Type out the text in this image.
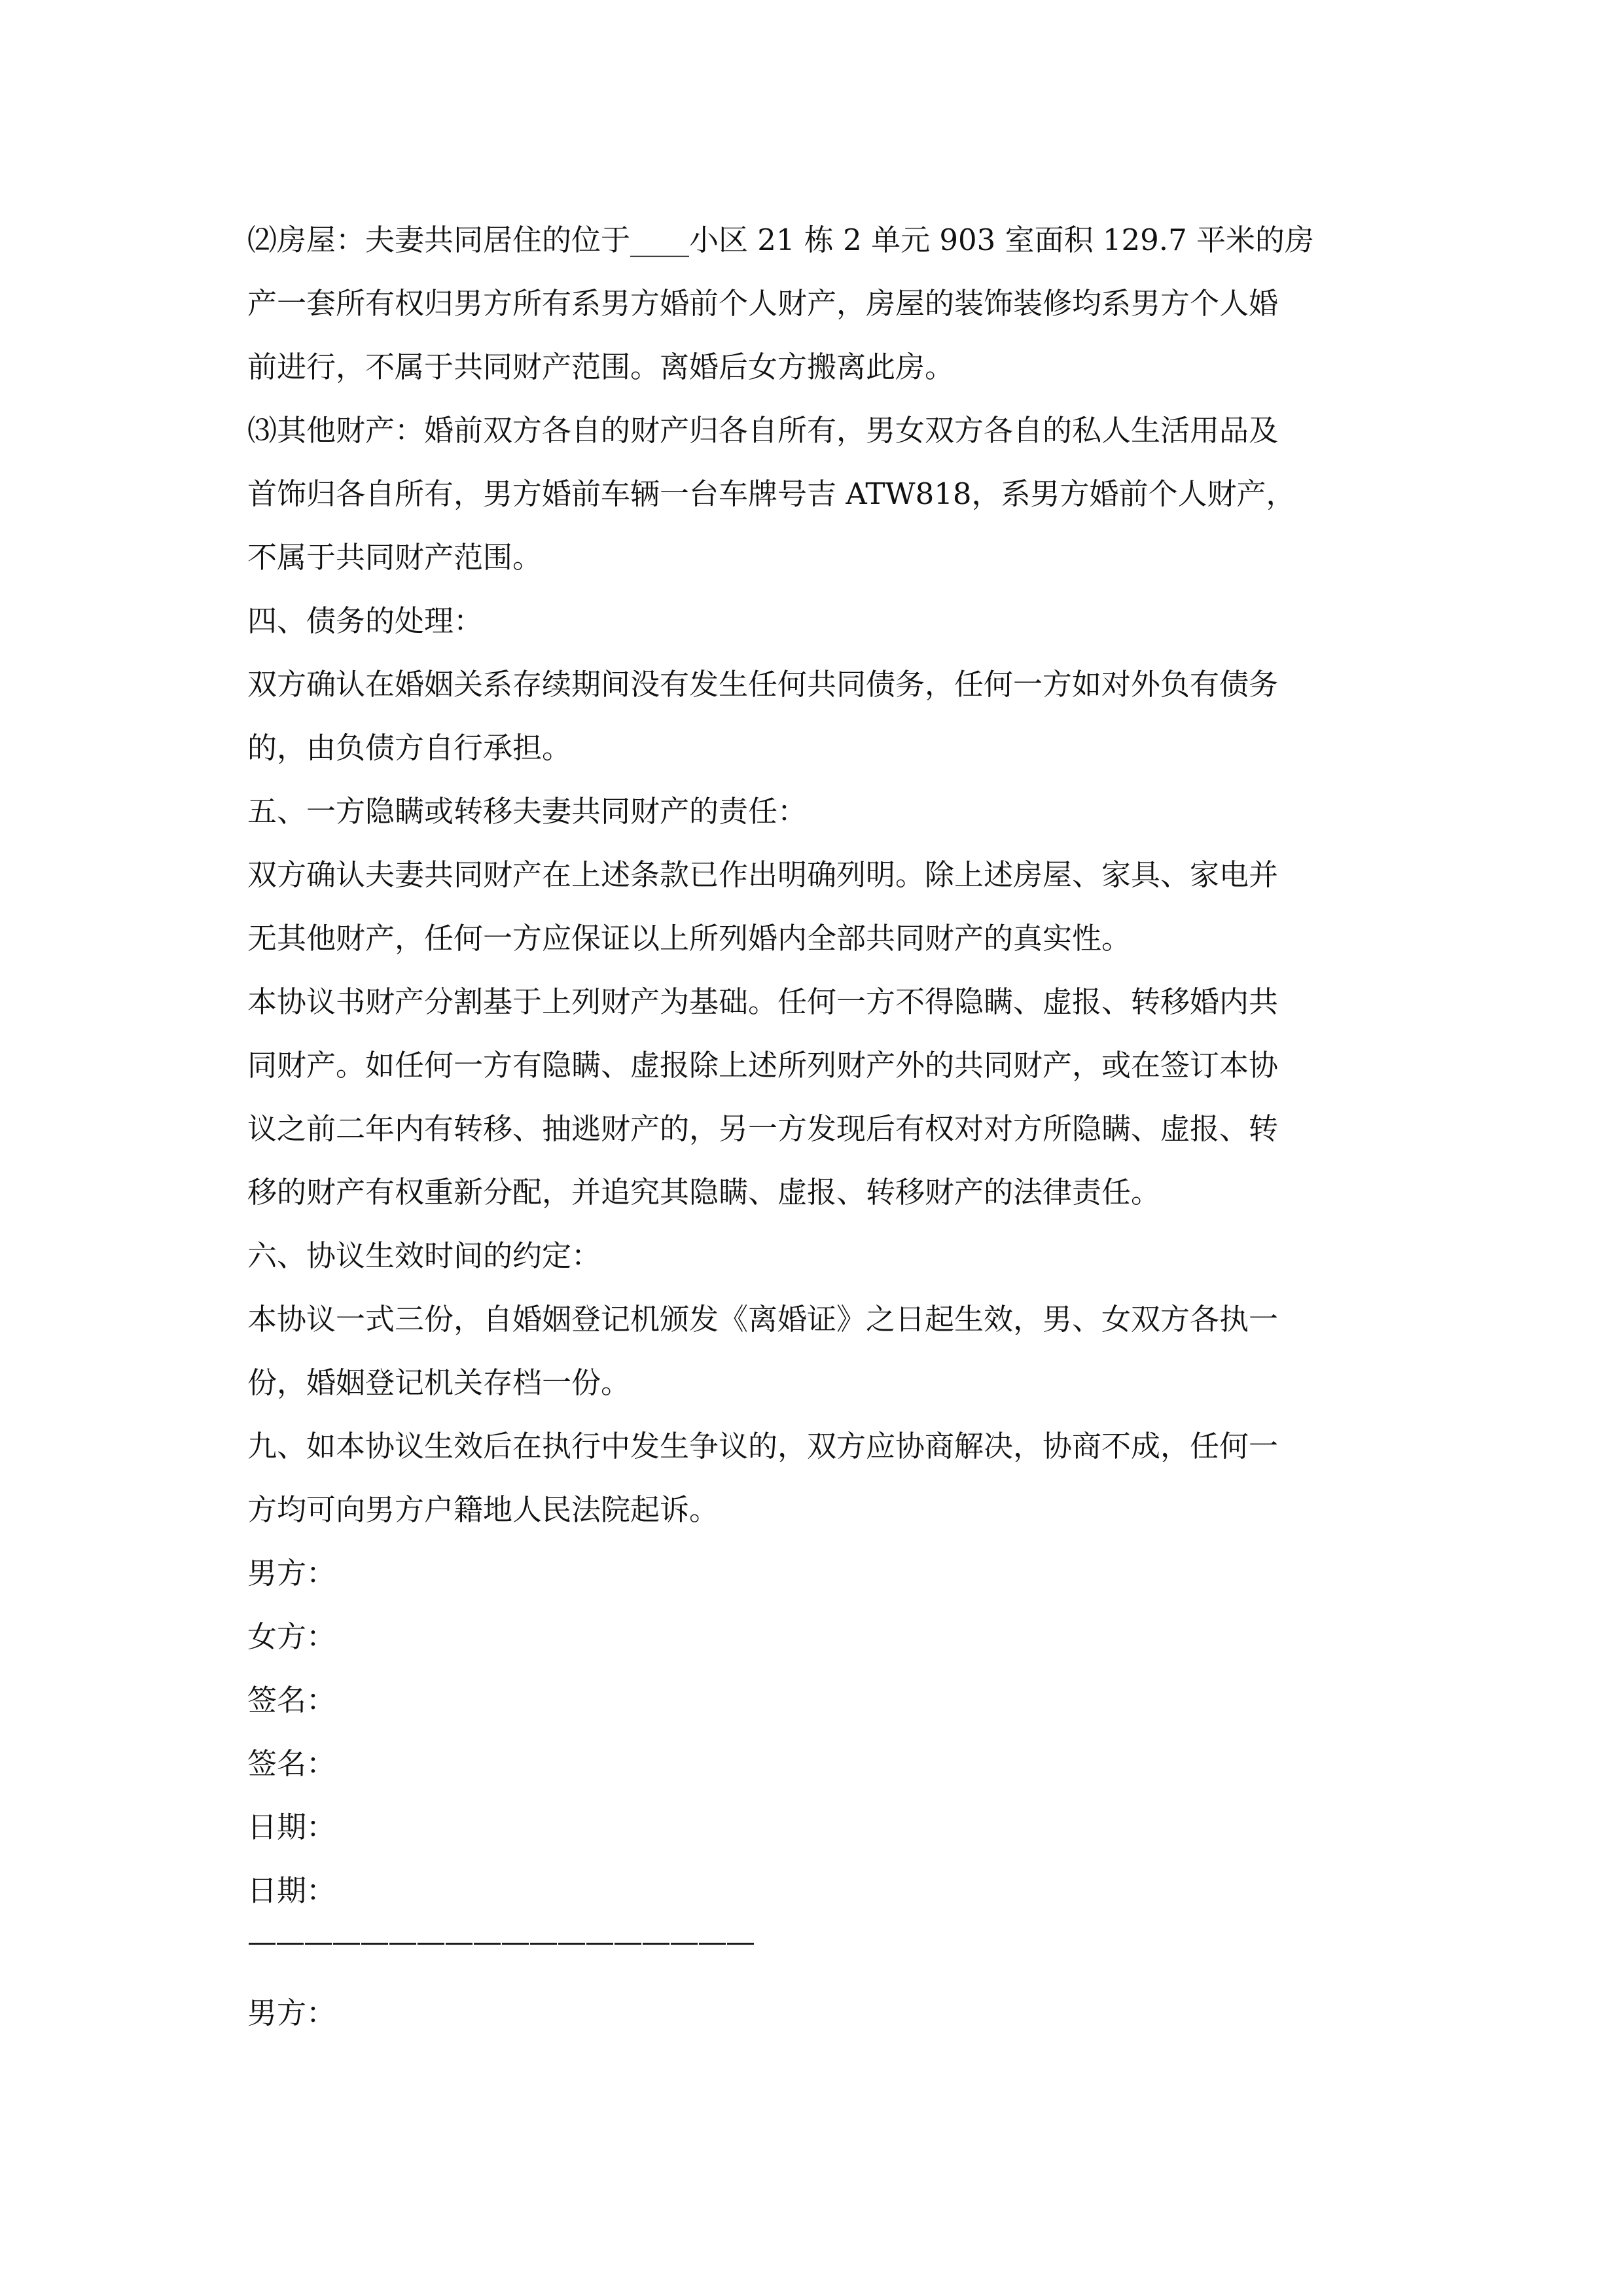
⑵房屋：夫妻共同居住的位于____小区 21 栋 2 单元 903 室面积 129.7 平米的房

产一套所有权归男方所有系男方婚前个人财产，房屋的装饰装修均系男方个人婚

前进行，不属于共同财产范围。离婚后女方搬离此房。

⑶其他财产：婚前双方各自的财产归各自所有，男女双方各自的私人生活用品及

首饰归各自所有，男方婚前车辆一台车牌号吉 ATW818，系男方婚前个人财产，

不属于共同财产范围。

四、债务的处理：

双方确认在婚姻关系存续期间没有发生任何共同债务，任何一方如对外负有债务

的，由负债方自行承担。

五、一方隐瞒或转移夫妻共同财产的责任：

双方确认夫妻共同财产在上述条款已作出明确列明。除上述房屋、家具、家电并

无其他财产，任何一方应保证以上所列婚内全部共同财产的真实性。

本协议书财产分割基于上列财产为基础。任何一方不得隐瞒、虚报、转移婚内共

同财产。如任何一方有隐瞒、虚报除上述所列财产外的共同财产，或在签订本协

议之前二年内有转移、抽逃财产的，另一方发现后有权对对方所隐瞒、虚报、转

移的财产有权重新分配，并追究其隐瞒、虚报、转移财产的法律责任。

六、协议生效时间的约定：

本协议一式三份，自婚姻登记机颁发《离婚证》之日起生效，男、女双方各执一

份，婚姻登记机关存档一份。

九、如本协议生效后在执行中发生争议的，双方应协商解决，协商不成，任何一

方均可向男方户籍地人民法院起诉。

男方：

女方：

签名：

签名：

日期：

日期：

——————————————————

男方：
